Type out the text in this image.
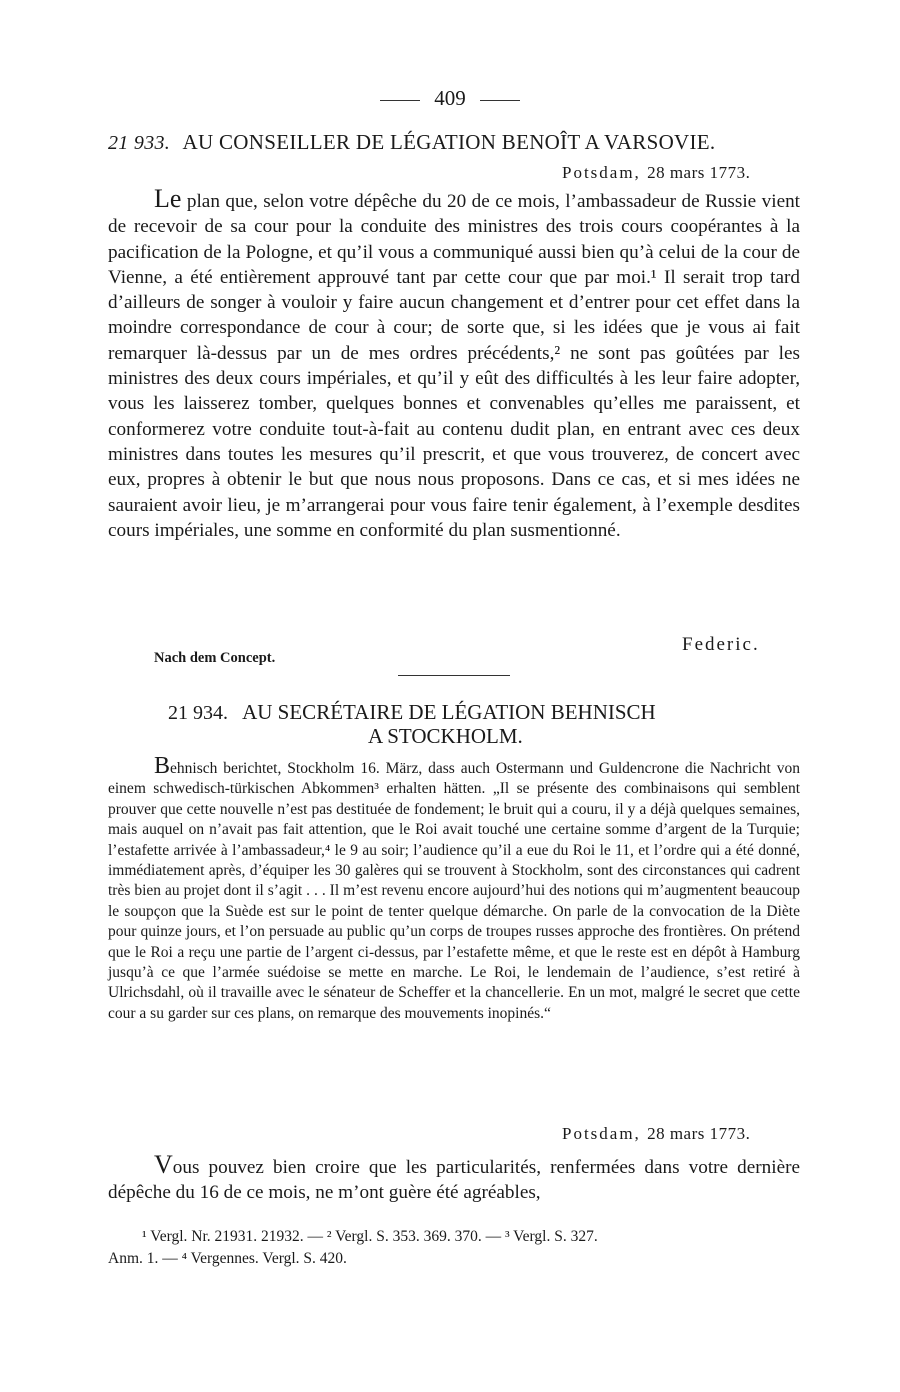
409
21 933. AU CONSEILLER DE LÉGATION BENOÎT A VARSOVIE.
Potsdam, 28 mars 1773.

Le plan que, selon votre dépêche du 20 de ce mois, l’ambassadeur de Russie vient de recevoir de sa cour pour la conduite des ministres des trois cours coopérantes à la pacification de la Pologne, et qu’il vous a communiqué aussi bien qu’à celui de la cour de Vienne, a été entièrement approuvé tant par cette cour que par moi.¹ Il serait trop tard d’ailleurs de songer à vouloir y faire aucun changement et d’entrer pour cet effet dans la moindre correspondance de cour à cour; de sorte que, si les idées que je vous ai fait remarquer là-dessus par un de mes ordres précédents,² ne sont pas goûtées par les ministres des deux cours impériales, et qu’il y eût des difficultés à les leur faire adopter, vous les laisserez tomber, quelques bonnes et convenables qu’elles me paraissent, et conformerez votre conduite tout-à-fait au contenu dudit plan, en entrant avec ces deux ministres dans toutes les mesures qu’il prescrit, et que vous trouverez, de concert avec eux, propres à obtenir le but que nous nous proposons. Dans ce cas, et si mes idées ne sauraient avoir lieu, je m’arrangerai pour vous faire tenir également, à l’exemple desdites cours impériales, une somme en conformité du plan susmentionné.

Federic.
Nach dem Concept.
21 934. AU SECRÉTAIRE DE LÉGATION BEHNISCH
A STOCKHOLM.

Behnisch berichtet, Stockholm 16. März, dass auch Ostermann und Guldencrone die Nachricht von einem schwedisch-türkischen Abkommen³ erhalten hätten. „Il se présente des combinaisons qui semblent prouver que cette nouvelle n’est pas destituée de fondement; le bruit qui a couru, il y a déjà quelques semaines, mais auquel on n’avait pas fait attention, que le Roi avait touché une certaine somme d’argent de la Turquie; l’estafette arrivée à l’ambassadeur,⁴ le 9 au soir; l’audience qu’il a eue du Roi le 11, et l’ordre qui a été donné, immédiatement après, d’équiper les 30 galères qui se trouvent à Stockholm, sont des circonstances qui cadrent très bien au projet dont il s’agit . . . Il m’est revenu encore aujourd’hui des notions qui m’augmentent beaucoup le soupçon que la Suède est sur le point de tenter quelque démarche. On parle de la convocation de la Diète pour quinze jours, et l’on persuade au public qu’un corps de troupes russes approche des frontières. On prétend que le Roi a reçu une partie de l’argent ci-dessus, par l’estafette même, et que le reste est en dépôt à Hamburg jusqu’à ce que l’armée suédoise se mette en marche. Le Roi, le lendemain de l’audience, s’est retiré à Ulrichsdahl, où il travaille avec le sénateur de Scheffer et la chancellerie. En un mot, malgré le secret que cette cour a su garder sur ces plans, on remarque des mouvements inopinés.“

Potsdam, 28 mars 1773.

Vous pouvez bien croire que les particularités, renfermées dans votre dernière dépêche du 16 de ce mois, ne m’ont guère été agréables,

¹ Vergl. Nr. 21931. 21932. — ² Vergl. S. 353. 369. 370. — ³ Vergl. S. 327.
Anm. 1. — ⁴ Vergennes. Vergl. S. 420.
